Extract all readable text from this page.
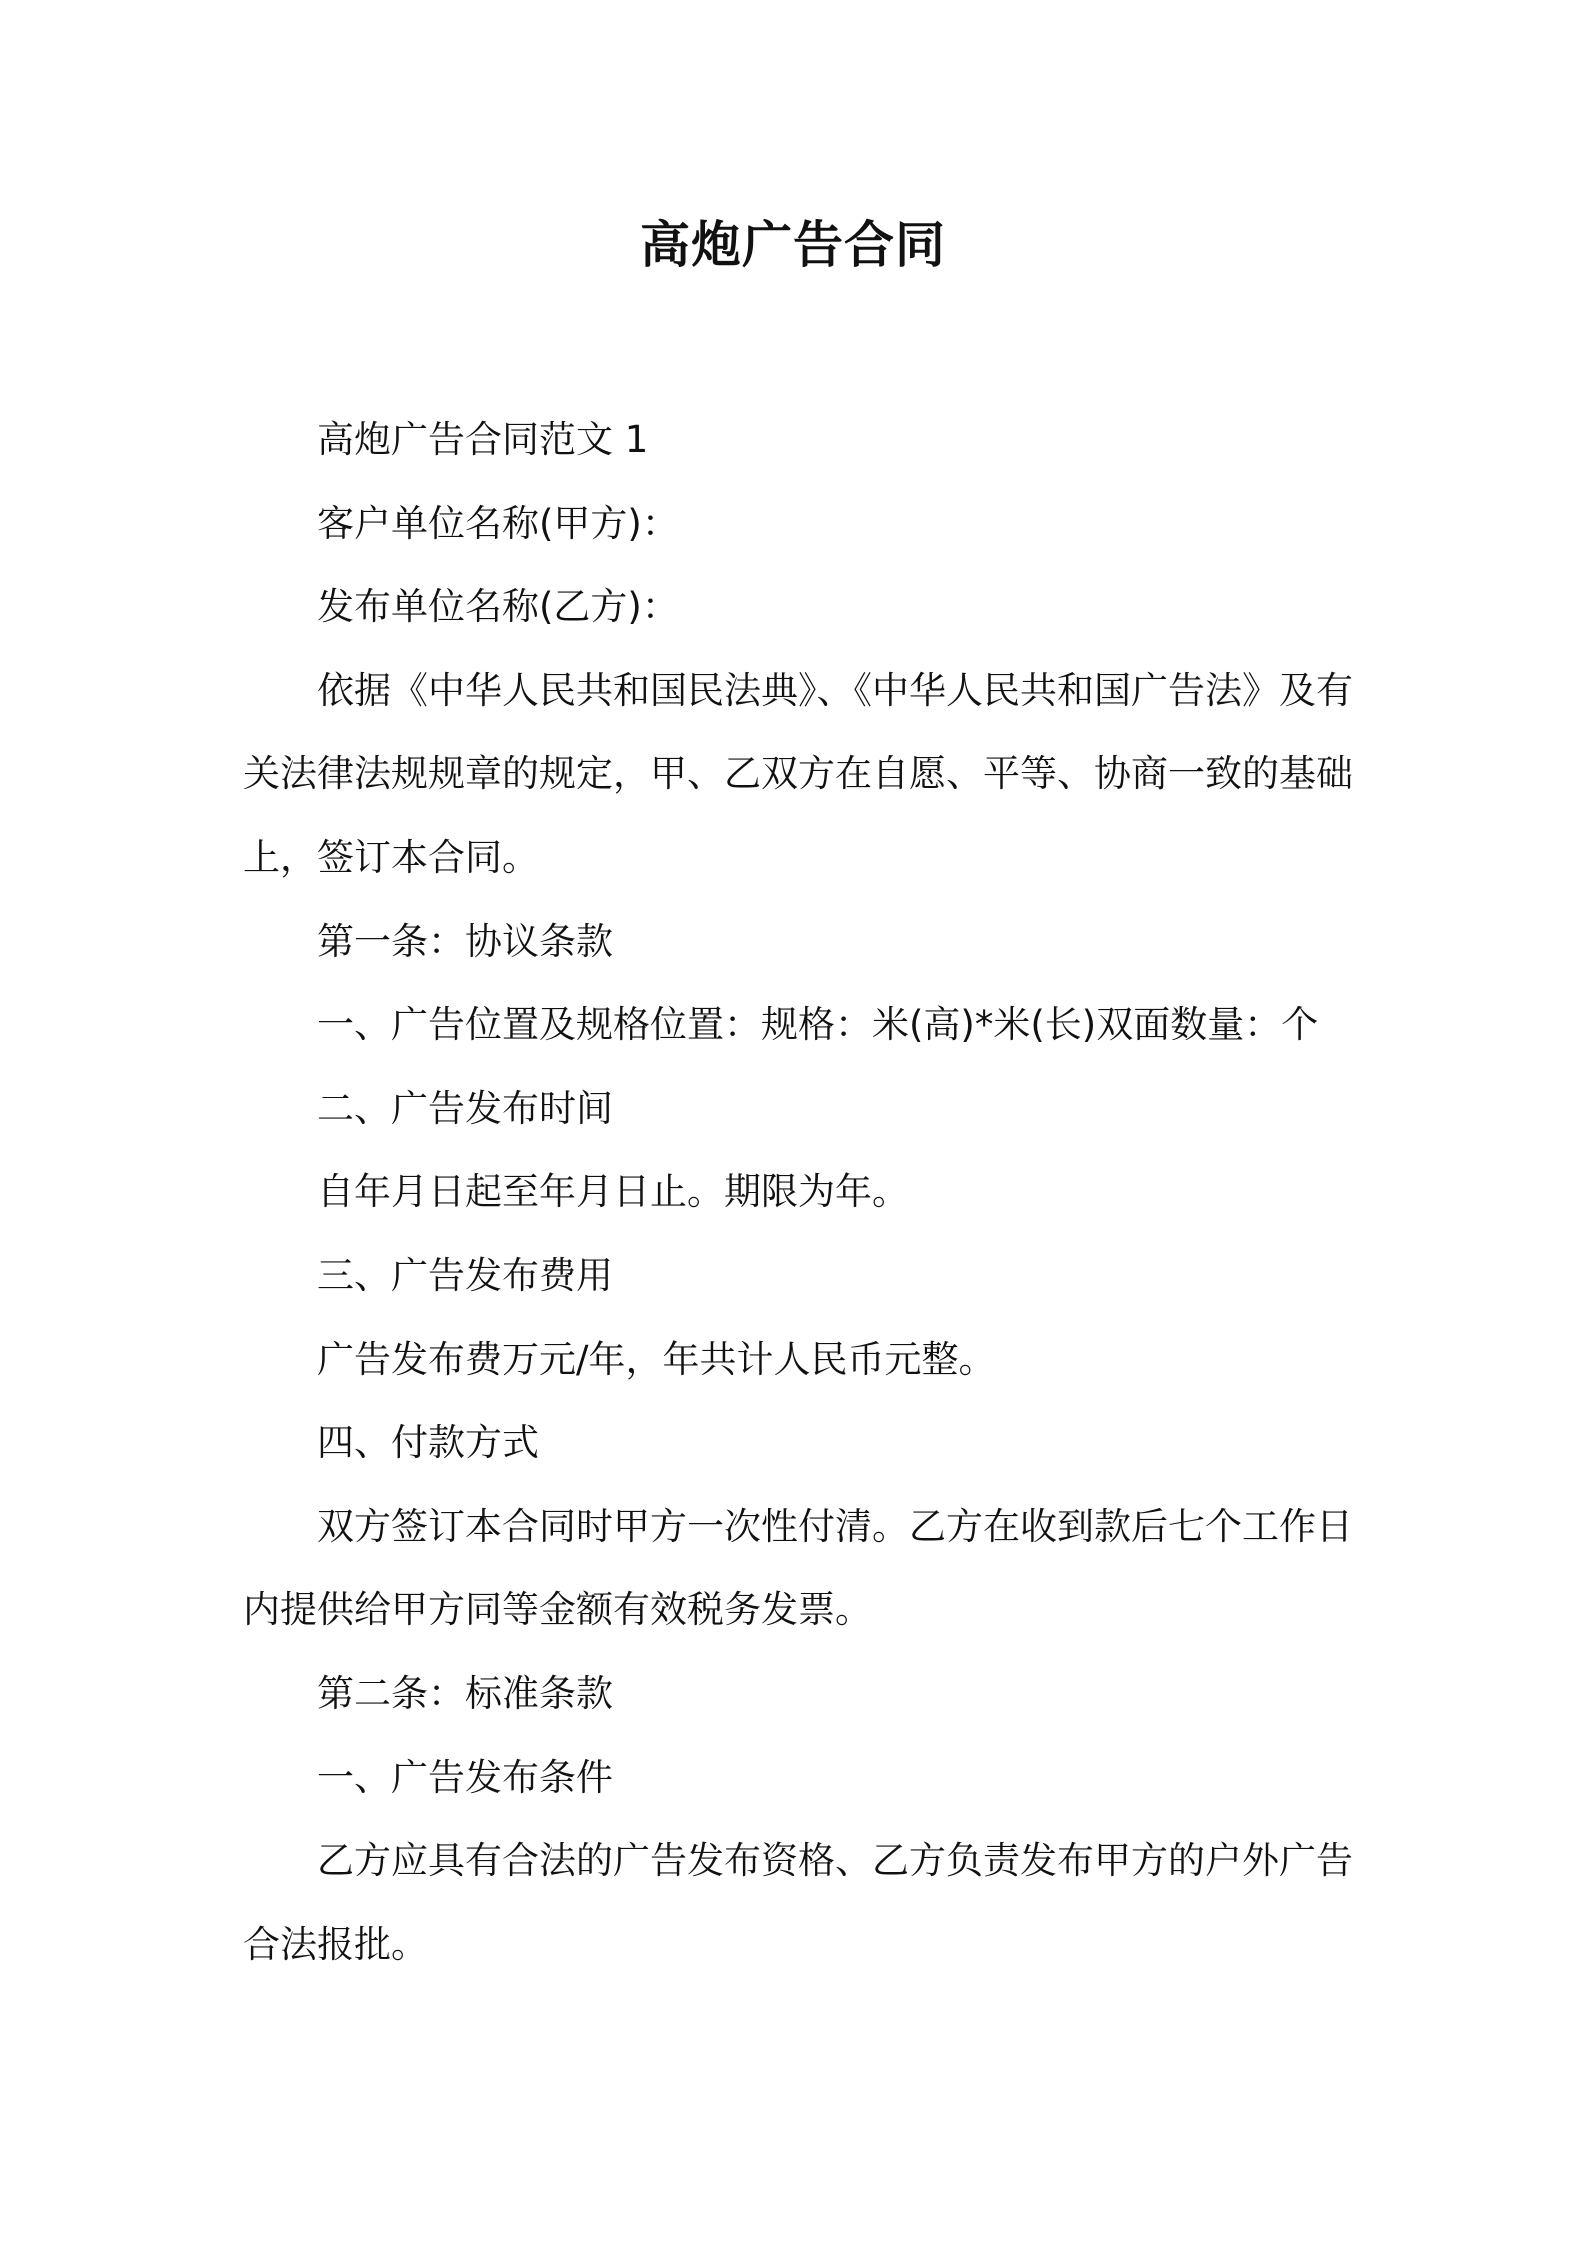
高炮广告合同

高炮广告合同范文 1

客户单位名称(甲方)：

发布单位名称(乙方)：

依据《中华人民共和国民法典》、《中华人民共和国广告法》及有关法律法规规章的规定，甲、乙双方在自愿、平等、协商一致的基础上，签订本合同。

第一条：协议条款

一、广告位置及规格位置：规格：米(高)*米(长)双面数量：个

二、广告发布时间

自年月日起至年月日止。期限为年。

三、广告发布费用

广告发布费万元/年，年共计人民币元整。

四、付款方式

双方签订本合同时甲方一次性付清。乙方在收到款后七个工作日内提供给甲方同等金额有效税务发票。

第二条：标准条款

一、广告发布条件

乙方应具有合法的广告发布资格、乙方负责发布甲方的户外广告合法报批。
